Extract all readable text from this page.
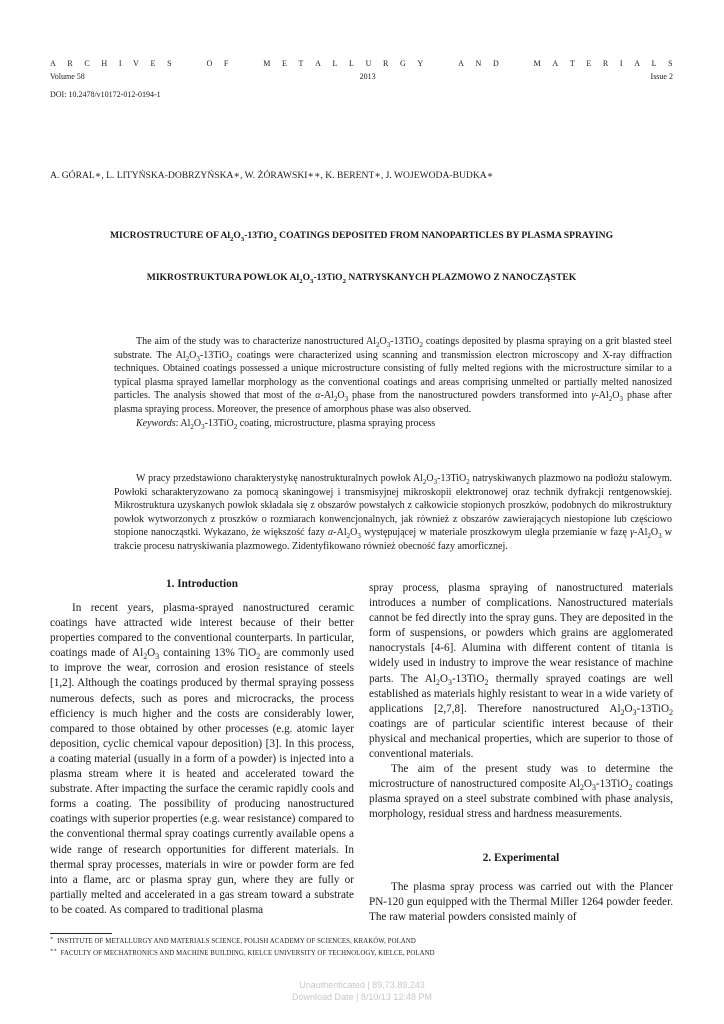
A R C H I V E S	O F	M E T A L L U R G Y	A N D	M A T E R I A L S
Volume 58	2013	Issue 2
DOI: 10.2478/v10172-012-0194-1
A. GÓRAL∗, L. LITYŃSKA-DOBRZYŃSKA∗, W. ŻÓRAWSKI∗∗, K. BERENT∗, J. WOJEWODA-BUDKA∗
MICROSTRUCTURE OF $Al_2O_3-13TiO_2$ COATINGS DEPOSITED FROM NANOPARTICLES BY PLASMA SPRAYING
MIKROSTRUKTURA POWŁOK $Al_2O_3-13TiO_2$ NATRYSKANYCH PLAZMOWO Z NANOCZĄSTEK

The aim of the study was to characterize nanostructured $Al_2O_3-13TiO_2$ coatings deposited by plasma spraying on a grit blasted steel substrate. The $Al_2O_3-13TiO_2$ coatings were characterized using scanning and transmission electron microscopy and X-ray diffraction techniques. Obtained coatings possessed a unique microstructure consisting of fully melted regions with the microstructure similar to a typical plasma sprayed lamellar morphology as the conventional coatings and areas comprising unmelted or partially melted nanosized particles. The analysis showed that most of the $\alpha-Al_2O_3$ phase from the nanostructured powders transformed into $\gamma-Al_2O_3$ phase after plasma spraying process. Moreover, the presence of amorphous phase was also observed.

Keywords: $Al_2O_3-13TiO_2$ coating, microstructure, plasma spraying process

W pracy przedstawiono charakterystykę nanostrukturalnych powłok $Al_2O_3-13TiO_2$ natryskiwanych plazmowo na podłożu stalowym. Powłoki scharakteryzowano za pomocą skaningowej i transmisyjnej mikroskopii elektronowej oraz technik dyfrakcji rentgenowskiej. Mikrostruktura uzyskanych powłok składała się z obszarów powstałych z całkowicie stopionych proszków, podobnych do mikrostruktury powłok wytworzonych z proszków o rozmiarach konwencjonalnych, jak również z obszarów zawierających niestopione lub częściowo stopione nanocząstki. Wykazano, że większość fazy $\alpha-Al_2O_3$ występującej w materiale proszkowym uległa przemianie w fazę $\gamma-Al_2O_3$ w trakcie procesu natryskiwania plazmowego. Zidentyfikowano również obecność fazy amorficznej.

1. Introduction

In recent years, plasma-sprayed nanostructured ceramic coatings have attracted wide interest because of their better properties compared to the conventional counterparts. In particular, coatings made of $Al_2O_3$ containing 13% TiO$_2$ are commonly used to improve the wear, corrosion and erosion resistance of steels [1,2]. Although the coatings produced by thermal spraying possess numerous defects, such as pores and microcracks, the process efficiency is much higher and the costs are considerably lower, compared to those obtained by other processes (e.g. atomic layer deposition, cyclic chemical vapour deposition) [3]. In this process, a coating material (usually in a form of a powder) is injected into a plasma stream where it is heated and accelerated toward the substrate. After impacting the surface the ceramic rapidly cools and forms a coating. The possibility of producing nanostructured coatings with superior properties (e.g. wear resistance) compared to the conventional thermal spray coatings currently available opens a wide range of research opportunities for different materials. In thermal spray processes, materials in wire or powder form are fed into a flame, arc or plasma spray gun, where they are fully or partially melted and accelerated in a gas stream toward a substrate to be coated. As compared to traditional plasma

spray process, plasma spraying of nanostructured materials introduces a number of complications. Nanostructured materials cannot be fed directly into the spray guns. They are deposited in the form of suspensions, or powders which grains are agglomerated nanocrystals [4-6]. Alumina with different content of titania is widely used in industry to improve the wear resistance of machine parts. The $Al_2O_3-13TiO_2$ thermally sprayed coatings are well established as materials highly resistant to wear in a wide variety of applications [2,7,8]. Therefore nanostructured $Al_2O_3-13TiO_2$ coatings are of particular scientific interest because of their physical and mechanical properties, which are superior to those of conventional materials.

The aim of the present study was to determine the microstructure of nanostructured composite $Al_2O_3-13TiO_2$ coatings plasma sprayed on a steel substrate combined with phase analysis, morphology, residual stress and hardness measurements.

2. Experimental

The plasma spray process was carried out with the Plancer PN-120 gun equipped with the Thermal Miller 1264 powder feeder. The raw material powders consisted mainly of

∗ INSTITUTE OF METALLURGY AND MATERIALS SCIENCE, POLISH ACADEMY OF SCIENCES, KRAKÓW, POLAND
∗∗ FACULTY OF MECHATRONICS AND MACHINE BUILDING, KIELCE UNIVERSITY OF TECHNOLOGY, KIELCE, POLAND
Unauthenticated | 89.73.89.243
Download Date | 8/10/13 12:48 PM
